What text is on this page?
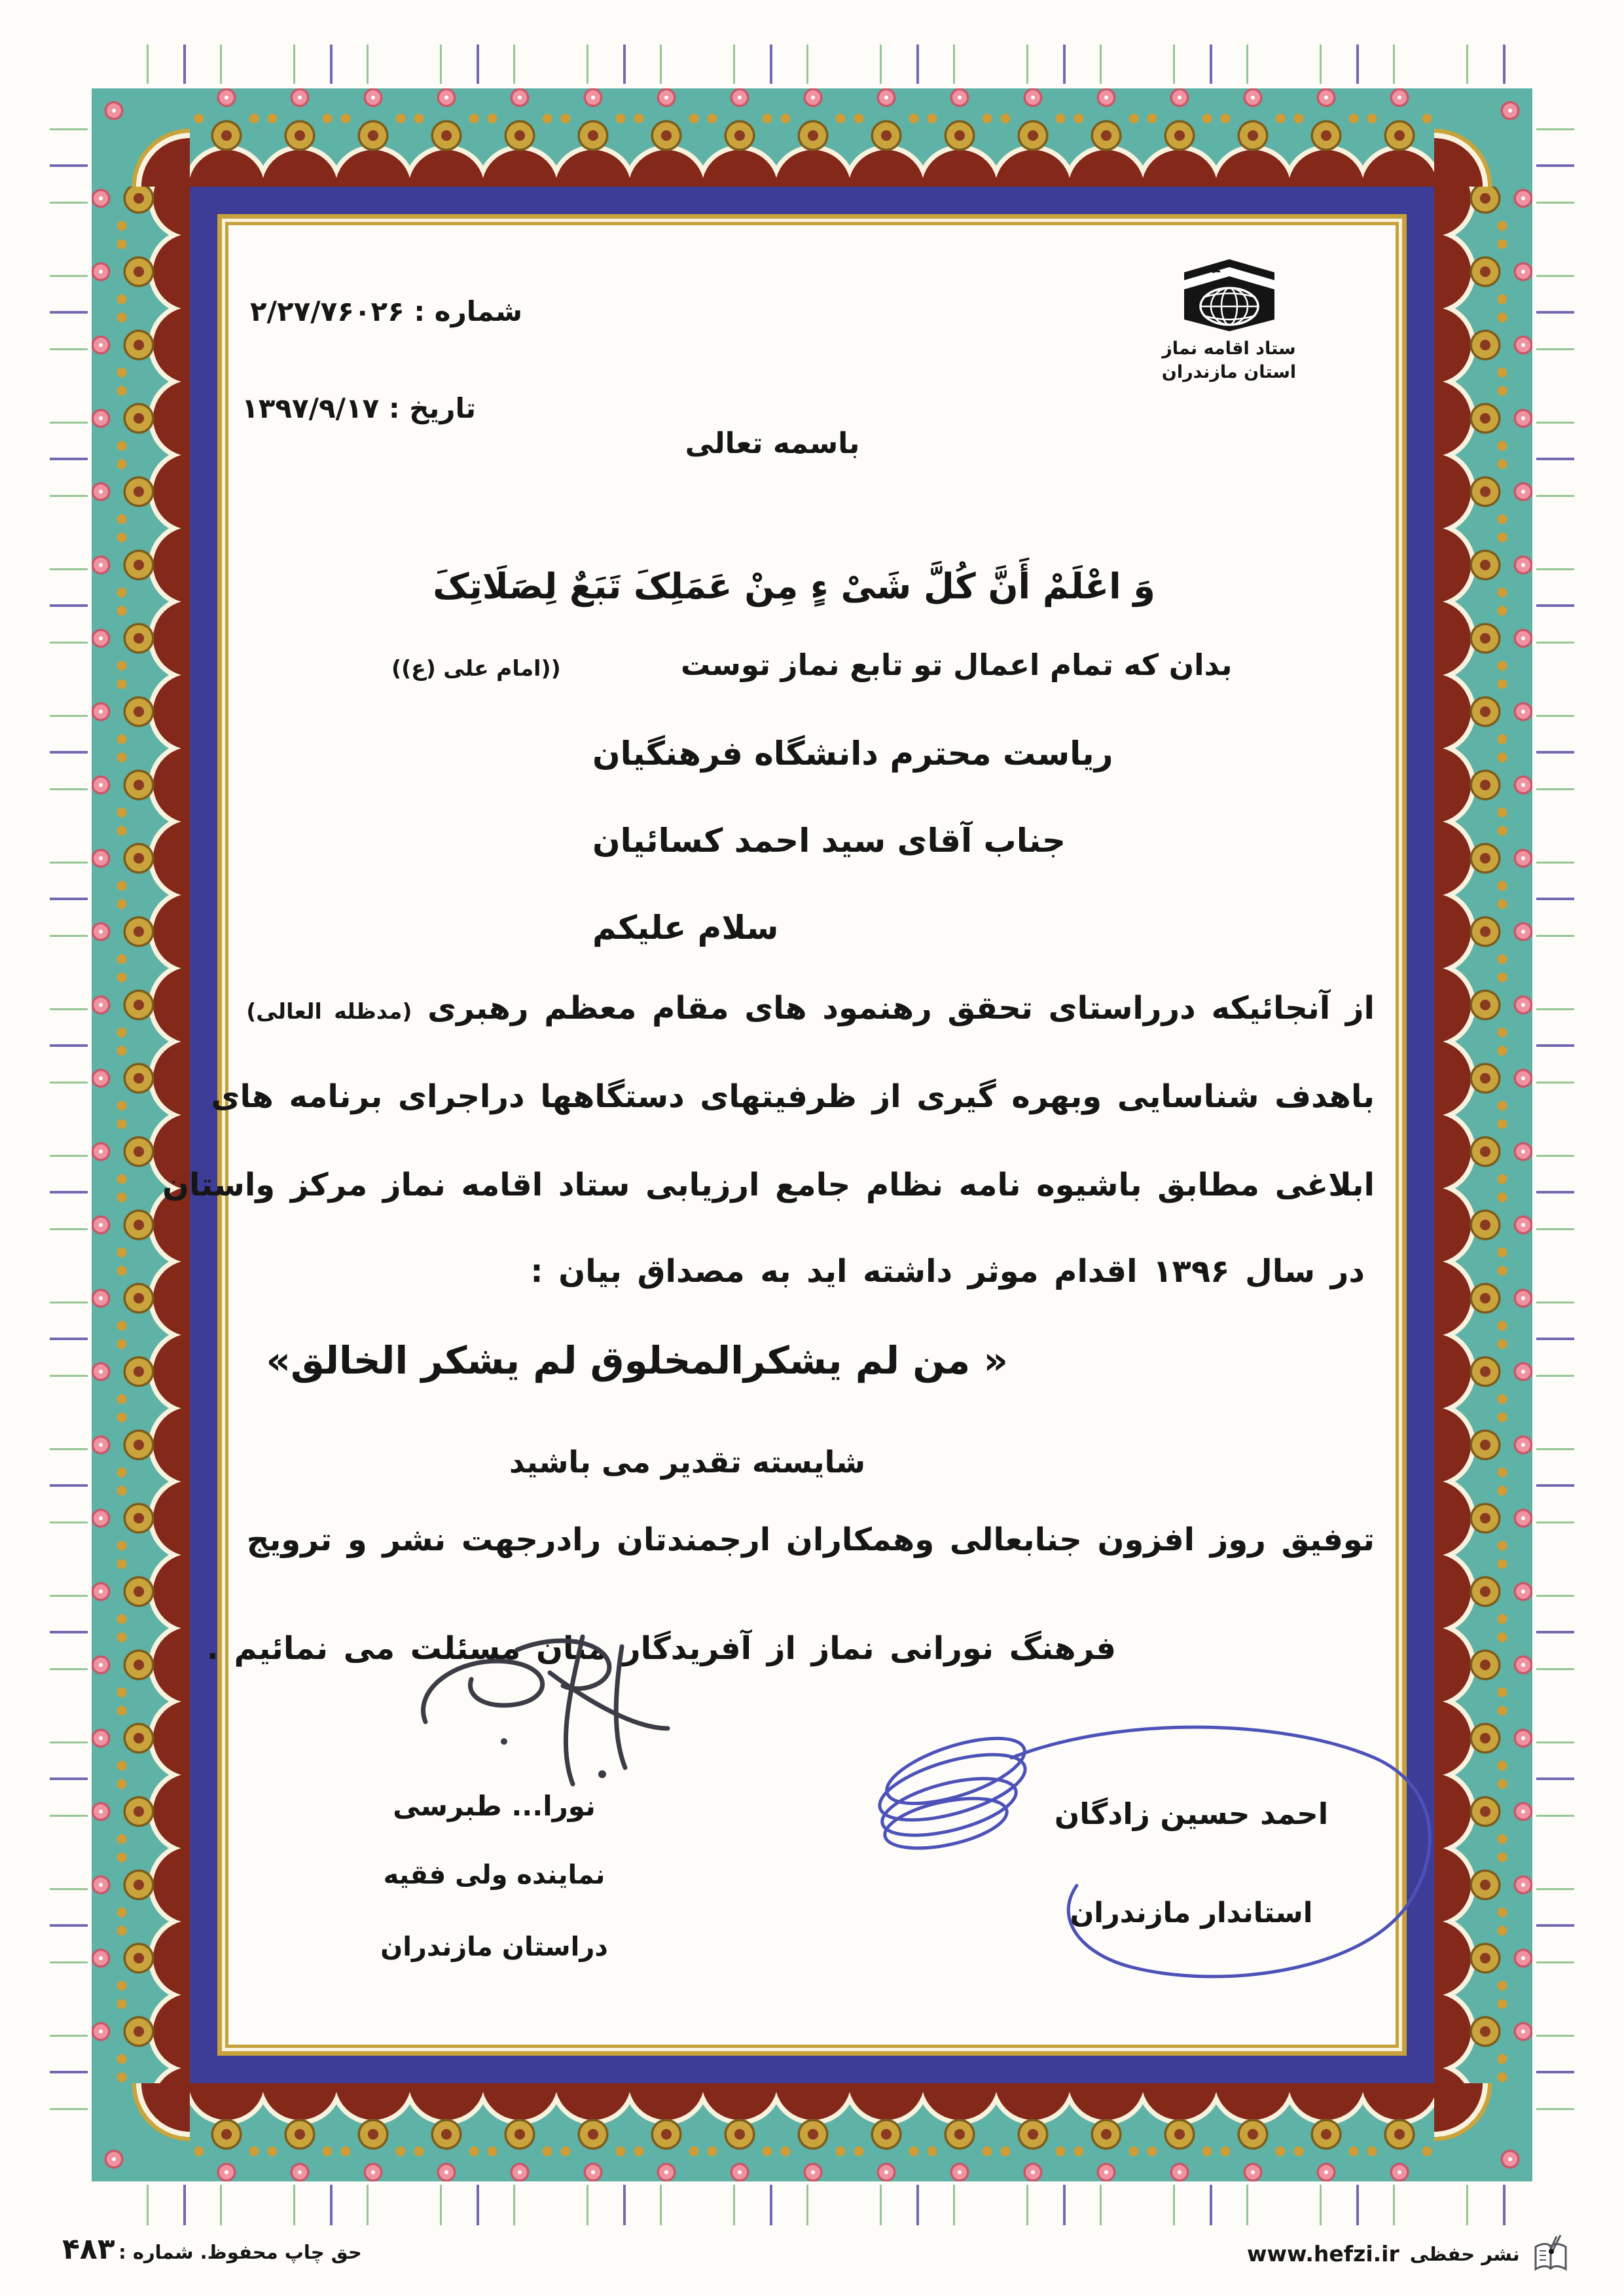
شماره : ۲/۲۷/۷۶۰۲۶
تاریخ : ۱۳۹۷/۹/۱۷
ستاد اقامه نماز
استان مازندران
باسمه تعالی
وَ اعْلَمْ أَنَّ كُلَّ شَیْ ءٍ مِنْ عَمَلِکَ تَبَعٌ لِصَلَاتِکَ
بدان که تمام اعمال تو تابع نماز توست
((امام علی (ع))
ریاست محترم دانشگاه فرهنگیان
جناب آقای سید احمد کسائیان
سلام علیکم
از آنجائیکه درراستای تحقق رهنمود های مقام معظم رهبری (مدظله العالی)
باهدف شناسایی وبهره گیری از ظرفیتهای دستگاهها دراجرای برنامه های
ابلاغی مطابق باشیوه نامه نظام جامع ارزیابی ستاد اقامه نماز مرکز واستان
در سال ۱۳۹۶ اقدام موثر داشته اید به مصداق بیان :
« من لم یشکرالمخلوق لم یشکر الخالق»
شایسته تقدیر می باشید
توفیق روز افزون جنابعالی وهمکاران ارجمندتان رادرجهت نشر و ترویج
فرهنگ نورانی نماز از آفریدگار منان مسئلت می نمائیم .
نورا... طبرسی
نماینده ولی فقیه
دراستان مازندران
احمد حسین زادگان
استاندار مازندران
حق چاپ محفوظ. شماره : ۴۸۳	نشر حفظی
www.hefzi.ir
